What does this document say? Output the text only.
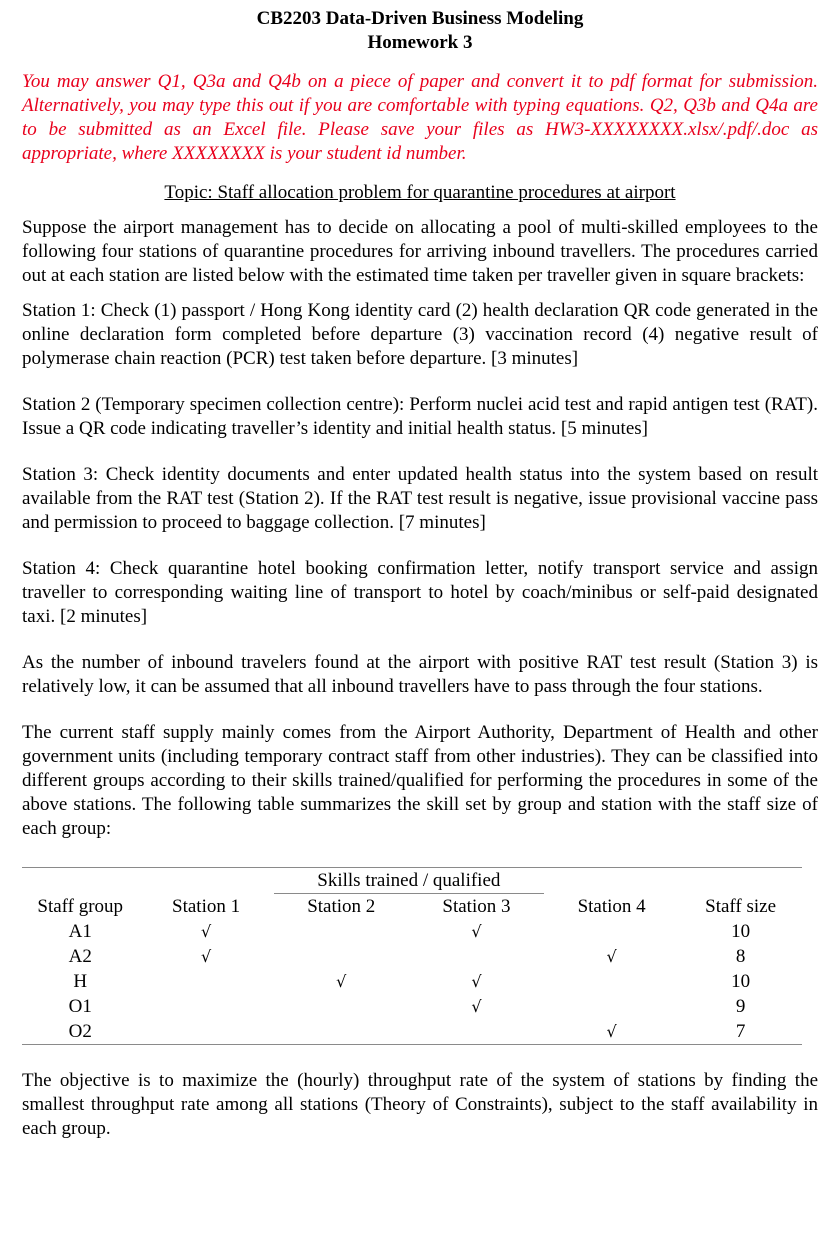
CB2203 Data-Driven Business Modeling
Homework 3
You may answer Q1, Q3a and Q4b on a piece of paper and convert it to pdf format for submission. Alternatively, you may type this out if you are comfortable with typing equations. Q2, Q3b and Q4a are to be submitted as an Excel file. Please save your files as HW3-XXXXXXXX.xlsx/.pdf/.doc as appropriate, where XXXXXXXX is your student id number.
Topic: Staff allocation problem for quarantine procedures at airport

Suppose the airport management has to decide on allocating a pool of multi-skilled employees to the following four stations of quarantine procedures for arriving inbound travellers. The procedures carried out at each station are listed below with the estimated time taken per traveller given in square brackets:

Station 1: Check (1) passport / Hong Kong identity card (2) health declaration QR code generated in the online declaration form completed before departure (3) vaccination record (4) negative result of polymerase chain reaction (PCR) test taken before departure. [3 minutes]

Station 2 (Temporary specimen collection centre): Perform nuclei acid test and rapid antigen test (RAT). Issue a QR code indicating traveller’s identity and initial health status. [5 minutes]

Station 3: Check identity documents and enter updated health status into the system based on result available from the RAT test (Station 2). If the RAT test result is negative, issue provisional vaccine pass and permission to proceed to baggage collection. [7 minutes]

Station 4: Check quarantine hotel booking confirmation letter, notify transport service and assign traveller to corresponding waiting line of transport to hotel by coach/minibus or self-paid designated taxi. [2 minutes]

As the number of inbound travelers found at the airport with positive RAT test result (Station 3) is relatively low, it can be assumed that all inbound travellers have to pass through the four stations.

The current staff supply mainly comes from the Airport Authority, Department of Health and other government units (including temporary contract staff from other industries). They can be classified into different groups according to their skills trained/qualified for performing the procedures in some of the above stations. The following table summarizes the skill set by group and station with the staff size of each group:

		Skills trained / qualified			
Staff group	Station 1	Station 2	Station 3	Station 4	Staff size
A1	√		√		10
A2	√			√	8
H		√	√		10
O1			√		9
O2				√	7

The objective is to maximize the (hourly) throughput rate of the system of stations by finding the smallest throughput rate among all stations (Theory of Constraints), subject to the staff availability in each group.
